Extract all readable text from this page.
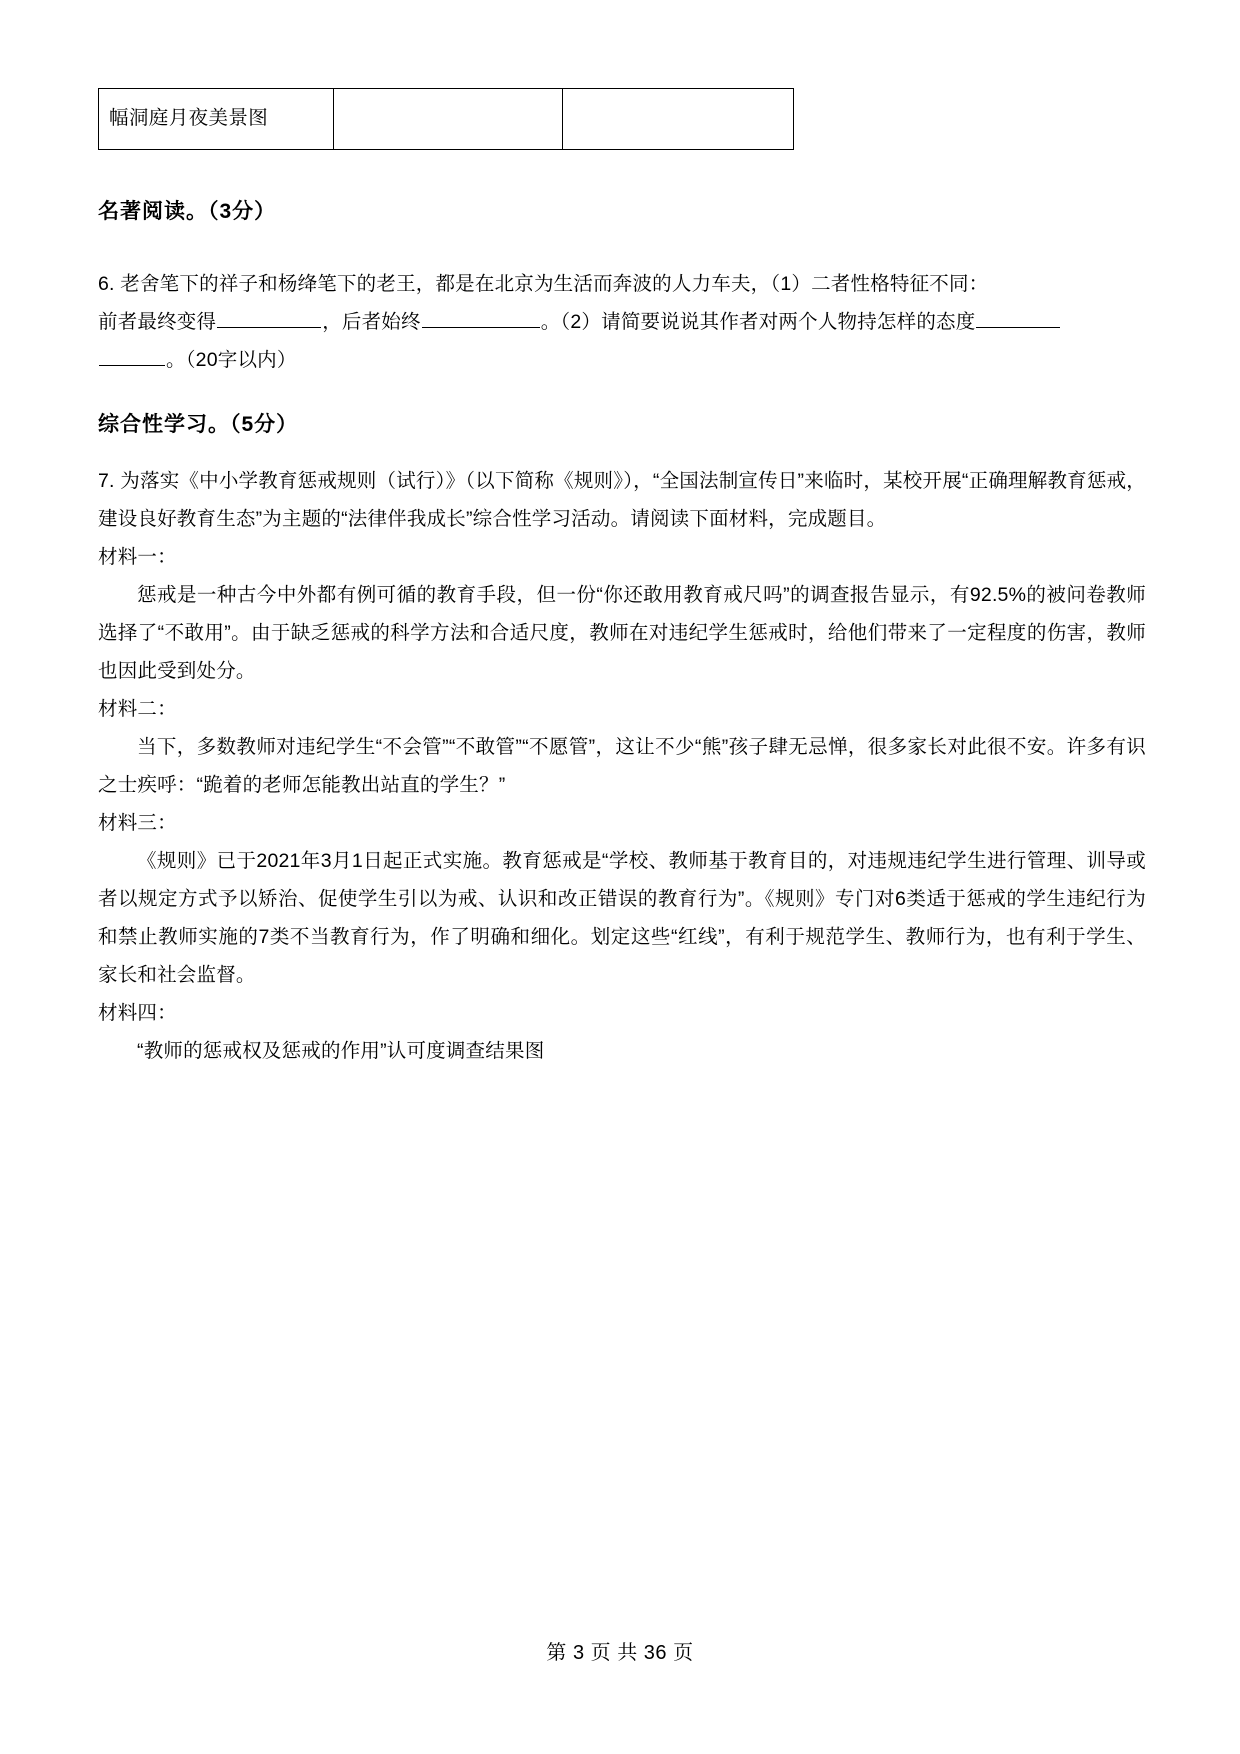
幅洞庭月夜美景图		
名著阅读。（3分）

6. 老舍笔下的祥子和杨绛笔下的老王，都是在北京为生活而奔波的人力车夫，（1）二者性格特征不同：

前者最终变得	，后者始终	。（2）请简要说说其作者对两个人物持怎样的态度

。（20字以内）

综合性学习。（5分）

7. 为落实《中小学教育惩戒规则（试行）》（以下简称《规则》），“全国法制宣传日”来临时，某校开展“正确理解教育惩戒，建设良好教育生态”为主题的“法律伴我成长”综合性学习活动。请阅读下面材料，完成题目。

材料一：

惩戒是一种古今中外都有例可循的教育手段，但一份“你还敢用教育戒尺吗”的调查报告显示，有92.5%的被问卷教师选择了“不敢用”。由于缺乏惩戒的科学方法和合适尺度，教师在对违纪学生惩戒时，给他们带来了一定程度的伤害，教师也因此受到处分。

材料二：

当下，多数教师对违纪学生“不会管”“不敢管”“不愿管”，这让不少“熊”孩子肆无忌惮，很多家长对此很不安。许多有识之士疾呼：“跪着的老师怎能教出站直的学生？”

材料三：

《规则》已于2021年3月1日起正式实施。教育惩戒是“学校、教师基于教育目的，对违规违纪学生进行管理、训导或者以规定方式予以矫治、促使学生引以为戒、认识和改正错误的教育行为”。《规则》专门对6类适于惩戒的学生违纪行为和禁止教师实施的7类不当教育行为，作了明确和细化。划定这些“红线”，有利于规范学生、教师行为，也有利于学生、家长和社会监督。

材料四：

“教师的惩戒权及惩戒的作用”认可度调查结果图

第 3 页 共 36 页
